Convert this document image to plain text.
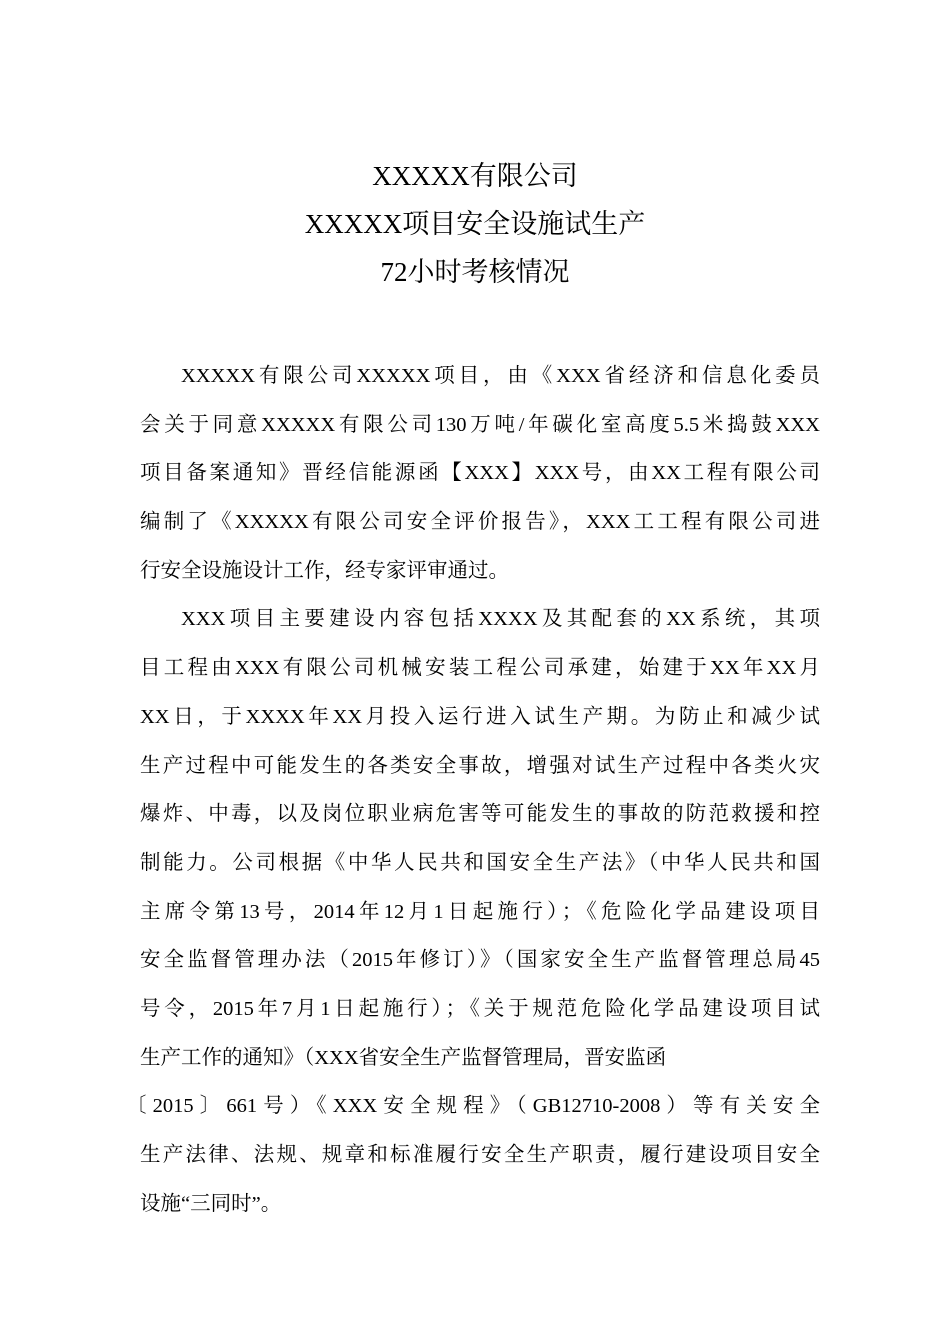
XXXXX有限公司
XXXXX项目安全设施试生产
72小时考核情况
XXXXX有限公司XXXXX项目，由《XXX省经济和信息化委员
会关于同意XXXXX有限公司130万吨/年碳化室高度5.5米捣鼓XXX
项目备案通知》晋经信能源函【XXX】XXX号，由XX工程有限公司
编制了《XXXXX有限公司安全评价报告》，XXX工工程有限公司进
行安全设施设计工作，经专家评审通过。
XXX项目主要建设内容包括XXXX及其配套的XX系统，其项
目工程由XXX有限公司机械安装工程公司承建，始建于XX年XX月
XX日，于XXXX年XX月投入运行进入试生产期。为防止和减少试
生产过程中可能发生的各类安全事故，增强对试生产过程中各类火灾
爆炸、中毒，以及岗位职业病危害等可能发生的事故的防范救援和控
制能力。公司根据《中华人民共和国安全生产法》（中华人民共和国
主席令第13号，2014年12月1日起施行）；《危险化学品建设项目
安全监督管理办法（2015年修订）》（国家安全生产监督管理总局45
号令，2015年7月1日起施行）；《关于规范危险化学品建设项目试
生产工作的通知》（XXX省安全生产监督管理局，晋安监函
〔2015〕661号）《XXX安全规程》（GB12710-2008）等有关安全
生产法律、法规、规章和标准履行安全生产职责，履行建设项目安全
设施“三同时”。
